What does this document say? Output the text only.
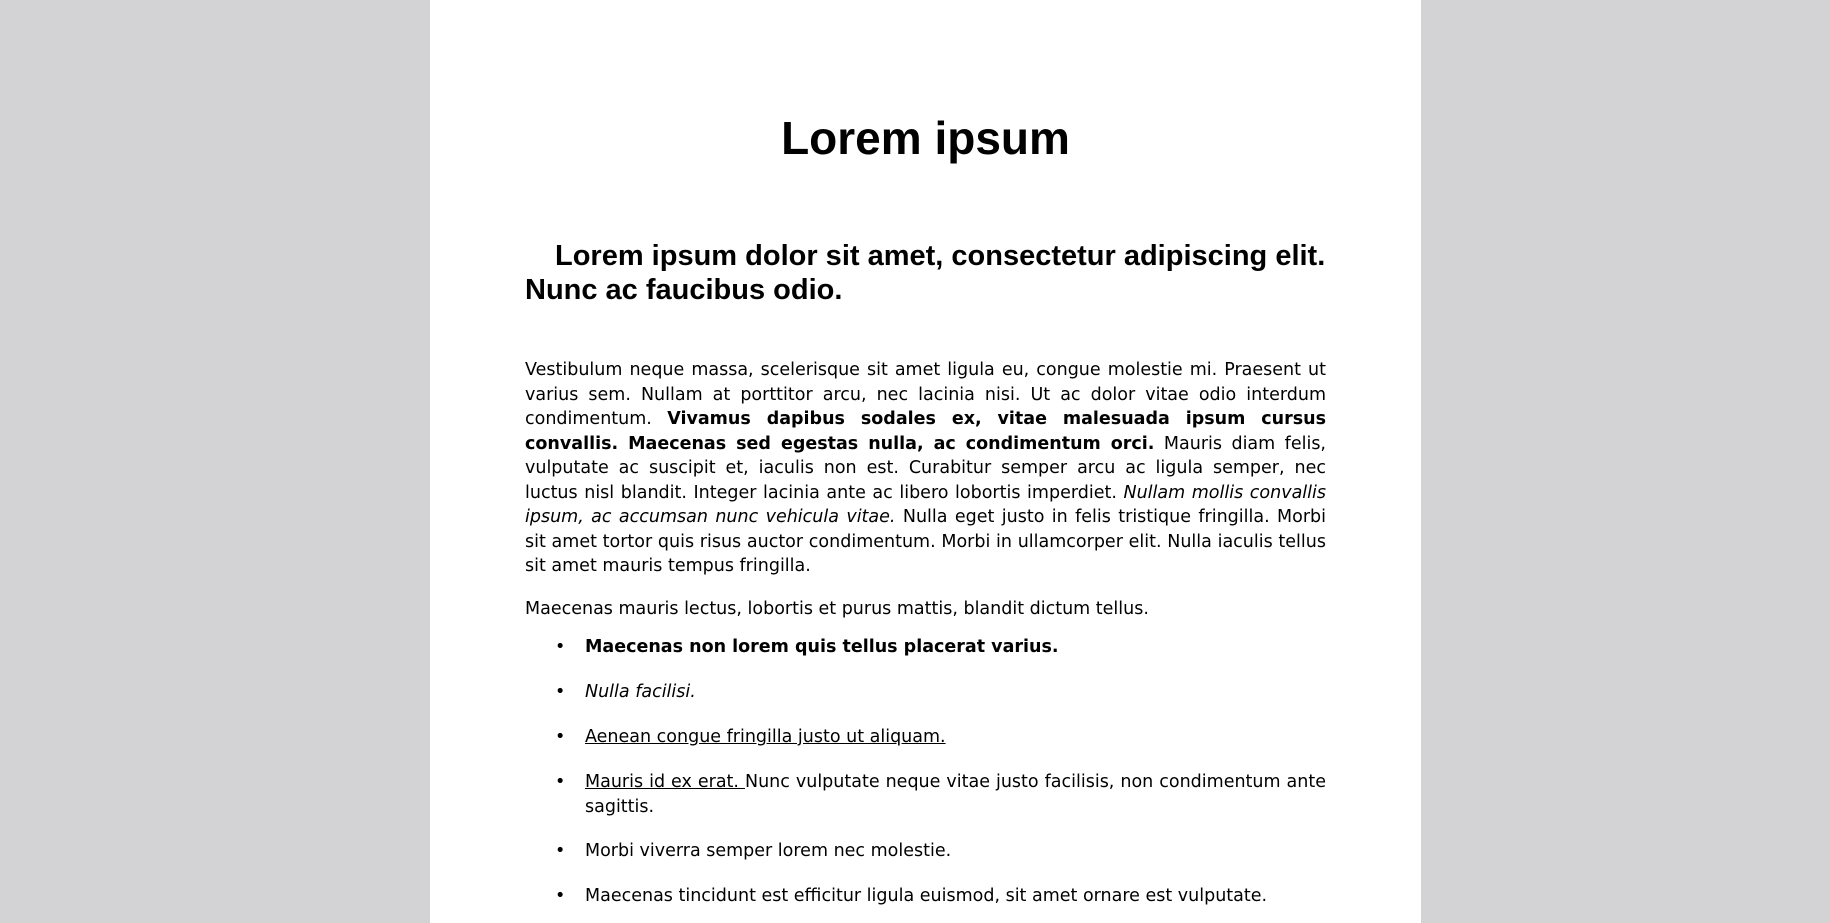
Lorem ipsum
Lorem ipsum dolor sit amet, consectetur adipiscing elit. Nunc ac faucibus odio.

Vestibulum neque massa, scelerisque sit amet ligula eu, congue molestie mi. Praesent ut varius sem. Nullam at porttitor arcu, nec lacinia nisi. Ut ac dolor vitae odio interdum condimentum. Vivamus dapibus sodales ex, vitae malesuada ipsum cursus convallis. Maecenas sed egestas nulla, ac condimentum orci. Mauris diam felis, vulputate ac suscipit et, iaculis non est. Curabitur semper arcu ac ligula semper, nec luctus nisl blandit. Integer lacinia ante ac libero lobortis imperdiet. Nullam mollis convallis ipsum, ac accumsan nunc vehicula vitae. Nulla eget justo in felis tristique fringilla. Morbi sit amet tortor quis risus auctor condimentum. Morbi in ullamcorper elit. Nulla iaculis tellus sit amet mauris tempus fringilla.

Maecenas mauris lectus, lobortis et purus mattis, blandit dictum tellus.

• Maecenas non lorem quis tellus placerat varius.
• Nulla facilisi.
• Aenean congue fringilla justo ut aliquam.
• Mauris id ex erat. Nunc vulputate neque vitae justo facilisis, non condimentum ante sagittis.
• Morbi viverra semper lorem nec molestie.
• Maecenas tincidunt est efficitur ligula euismod, sit amet ornare est vulputate.
